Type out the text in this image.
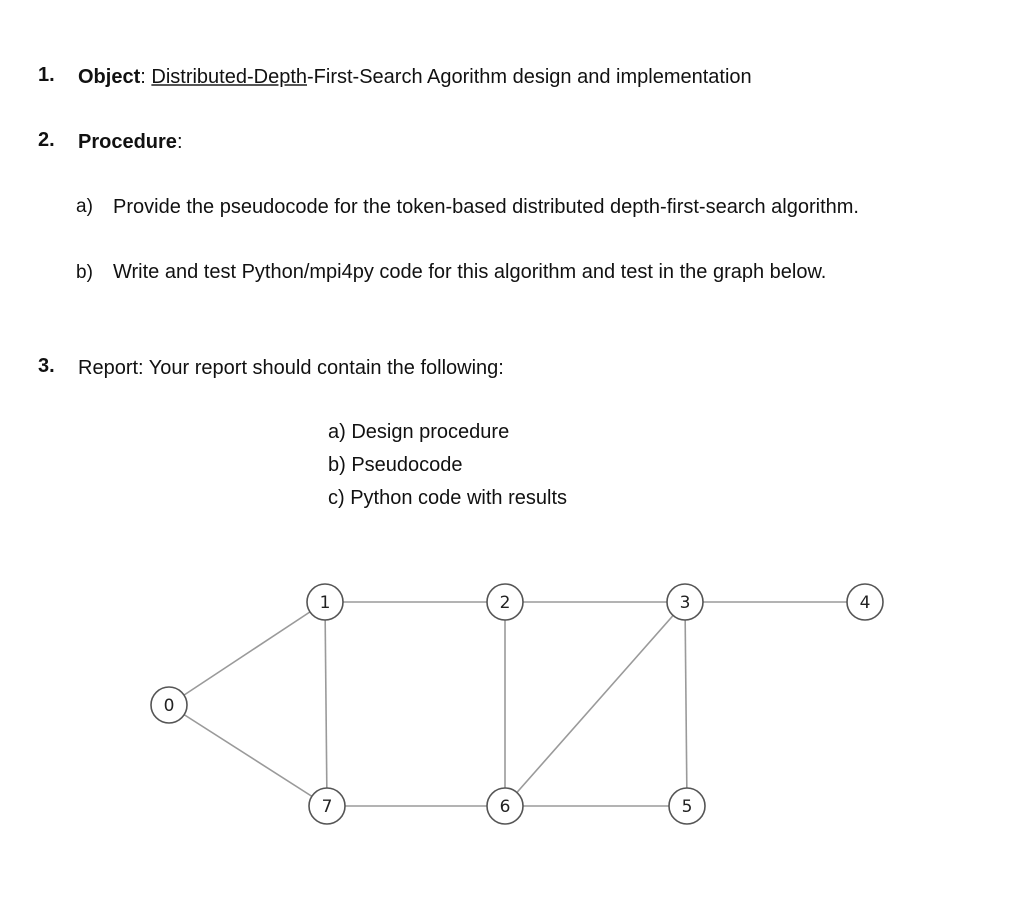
1. Object: Distributed-Depth-First-Search Agorithm design and implementation
2. Procedure:
a) Provide the pseudocode for the token-based distributed depth-first-search algorithm.
b) Write and test Python/mpi4py code for this algorithm and test in the graph below.
3. Report: Your report should contain the following:
a) Design procedure
b) Pseudocode
c) Python code with results
0
1	2	3	4
5
6
7
